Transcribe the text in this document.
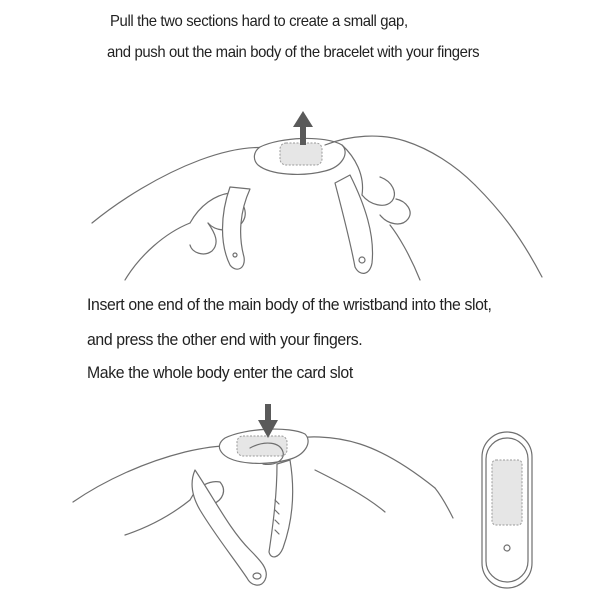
Pull the two sections hard to create a small gap,
and push out the main body of the bracelet with your fingers
Insert one end of the main body of the wristband into the slot,
and press the other end with your fingers.
Make the whole body enter the card slot
